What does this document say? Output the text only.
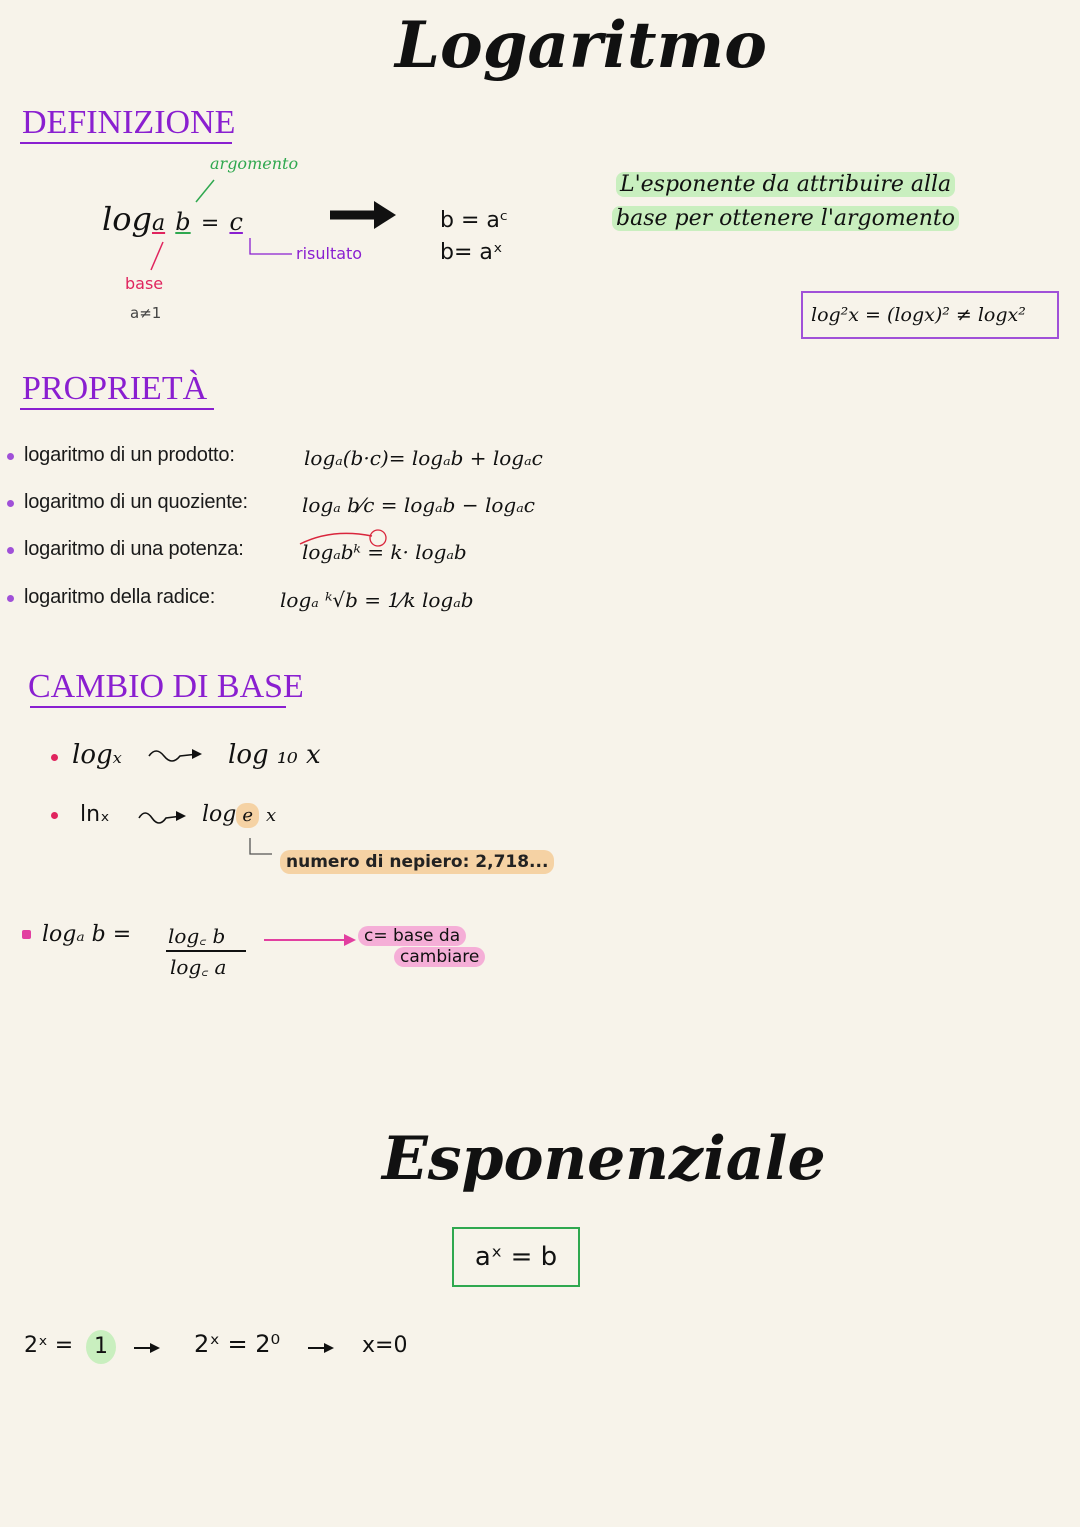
Logaritmo
DEFINIZIONE
argomento
loga b = c
base
a≠1
risultato
b = aᶜ
b= aˣ
L'esponente da attribuire alla
base per ottenere l'argomento
log²x = (logx)² ≠ logx²
PROPRIETÀ
logaritmo di un prodotto:	logₐ(b·c)= logₐb + logₐc
logaritmo di un quoziente:	logₐ b⁄c = logₐb − logₐc
logaritmo di una potenza:	logₐbᵏ = k· logₐb
logaritmo della radice:	logₐ ᵏ√b = 1⁄k logₐb
CAMBIO DI BASE
logₓ	log ₁₀ x
lnₓ	log e x
numero di nepiero: 2,718...
logₐ b = log꜀ b
log꜀ a
c= base da
cambiare
Esponenziale
aˣ = b
2ˣ = 1	2ˣ = 2⁰	x=0
